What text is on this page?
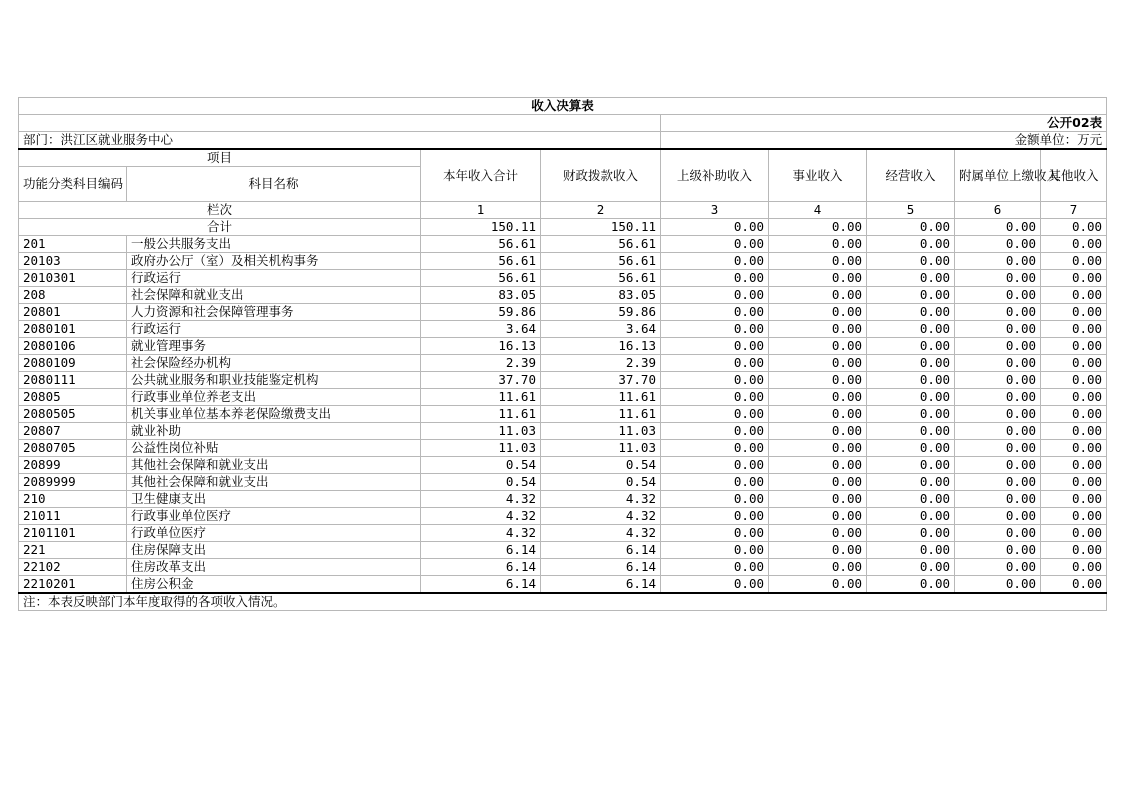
收入决算表								
				公开02表				
部门：洪江区就业服务中心				金额单位：万元				
项目		本年收入合计	财政拨款收入	上级补助收入	事业收入	经营收入	附属单位上缴收入	其他收入
功能分类科目编码	科目名称							
栏次		1	2	3	4	5	6	7
合计		150.11	150.11	0.00	0.00	0.00	0.00	0.00
201	一般公共服务支出	56.61	56.61	0.00	0.00	0.00	0.00	0.00
20103	政府办公厅（室）及相关机构事务	56.61	56.61	0.00	0.00	0.00	0.00	0.00
2010301	行政运行	56.61	56.61	0.00	0.00	0.00	0.00	0.00
208	社会保障和就业支出	83.05	83.05	0.00	0.00	0.00	0.00	0.00
20801	人力资源和社会保障管理事务	59.86	59.86	0.00	0.00	0.00	0.00	0.00
2080101	行政运行	3.64	3.64	0.00	0.00	0.00	0.00	0.00
2080106	就业管理事务	16.13	16.13	0.00	0.00	0.00	0.00	0.00
2080109	社会保险经办机构	2.39	2.39	0.00	0.00	0.00	0.00	0.00
2080111	公共就业服务和职业技能鉴定机构	37.70	37.70	0.00	0.00	0.00	0.00	0.00
20805	行政事业单位养老支出	11.61	11.61	0.00	0.00	0.00	0.00	0.00
2080505	机关事业单位基本养老保险缴费支出	11.61	11.61	0.00	0.00	0.00	0.00	0.00
20807	就业补助	11.03	11.03	0.00	0.00	0.00	0.00	0.00
2080705	公益性岗位补贴	11.03	11.03	0.00	0.00	0.00	0.00	0.00
20899	其他社会保障和就业支出	0.54	0.54	0.00	0.00	0.00	0.00	0.00
2089999	其他社会保障和就业支出	0.54	0.54	0.00	0.00	0.00	0.00	0.00
210	卫生健康支出	4.32	4.32	0.00	0.00	0.00	0.00	0.00
21011	行政事业单位医疗	4.32	4.32	0.00	0.00	0.00	0.00	0.00
2101101	行政单位医疗	4.32	4.32	0.00	0.00	0.00	0.00	0.00
221	住房保障支出	6.14	6.14	0.00	0.00	0.00	0.00	0.00
22102	住房改革支出	6.14	6.14	0.00	0.00	0.00	0.00	0.00
2210201	住房公积金	6.14	6.14	0.00	0.00	0.00	0.00	0.00
注：本表反映部门本年度取得的各项收入情况。								
